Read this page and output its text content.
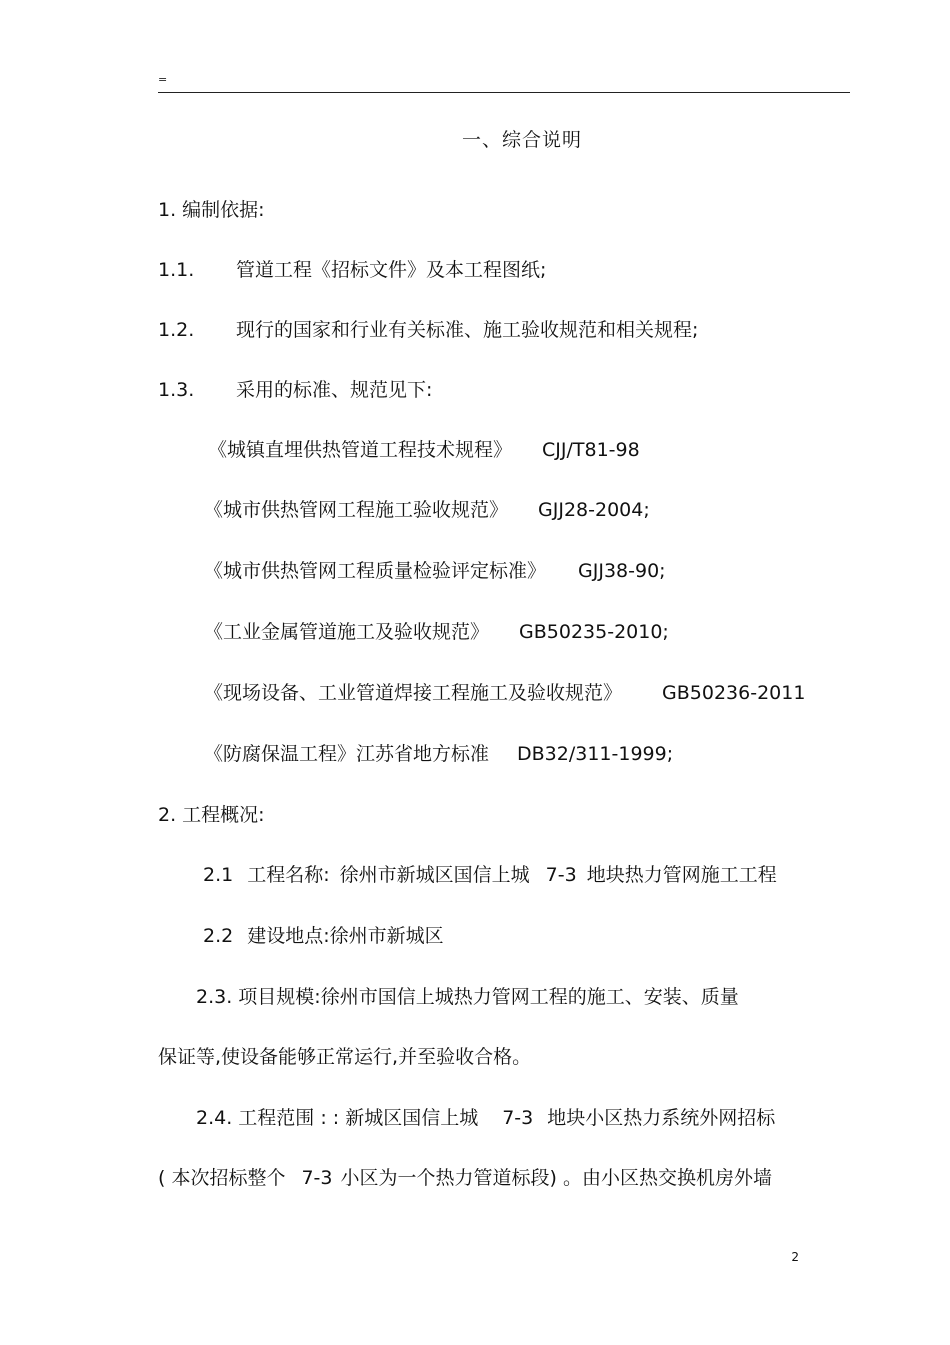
=
一、综合说明
1. 编制依据:
1.1. 管道工程《招标文件》及本工程图纸;
1.2. 现行的国家和行业有关标准、施工验收规范和相关规程;
1.3. 采用的标准、规范见下:
《城镇直埋供热管道工程技术规程》 CJJ/T81-98
《城市供热管网工程施工验收规范》 GJJ28-2004;
《城市供热管网工程质量检验评定标准》 GJJ38-90;
《工业金属管道施工及验收规范》 GB50235-2010;
《现场设备、工业管道焊接工程施工及验收规范》 GB50236-2011
《防腐保温工程》江苏省地方标准 DB32/311-1999;
2. 工程概况:
2.1 工程名称: 徐州市新城区国信上城 7-3 地块热力管网施工工程
2.2 建设地点:徐州市新城区
2.3. 项目规模:徐州市国信上城热力管网工程的施工、安装、质量
保证等,使设备能够正常运行,并至验收合格。
2.4. 工程范围 : : 新城区国信上城 7-3 地块小区热力系统外网招标
( 本次招标整个 7-3 小区为一个热力管道标段) 。由小区热交换机房外墙
2
